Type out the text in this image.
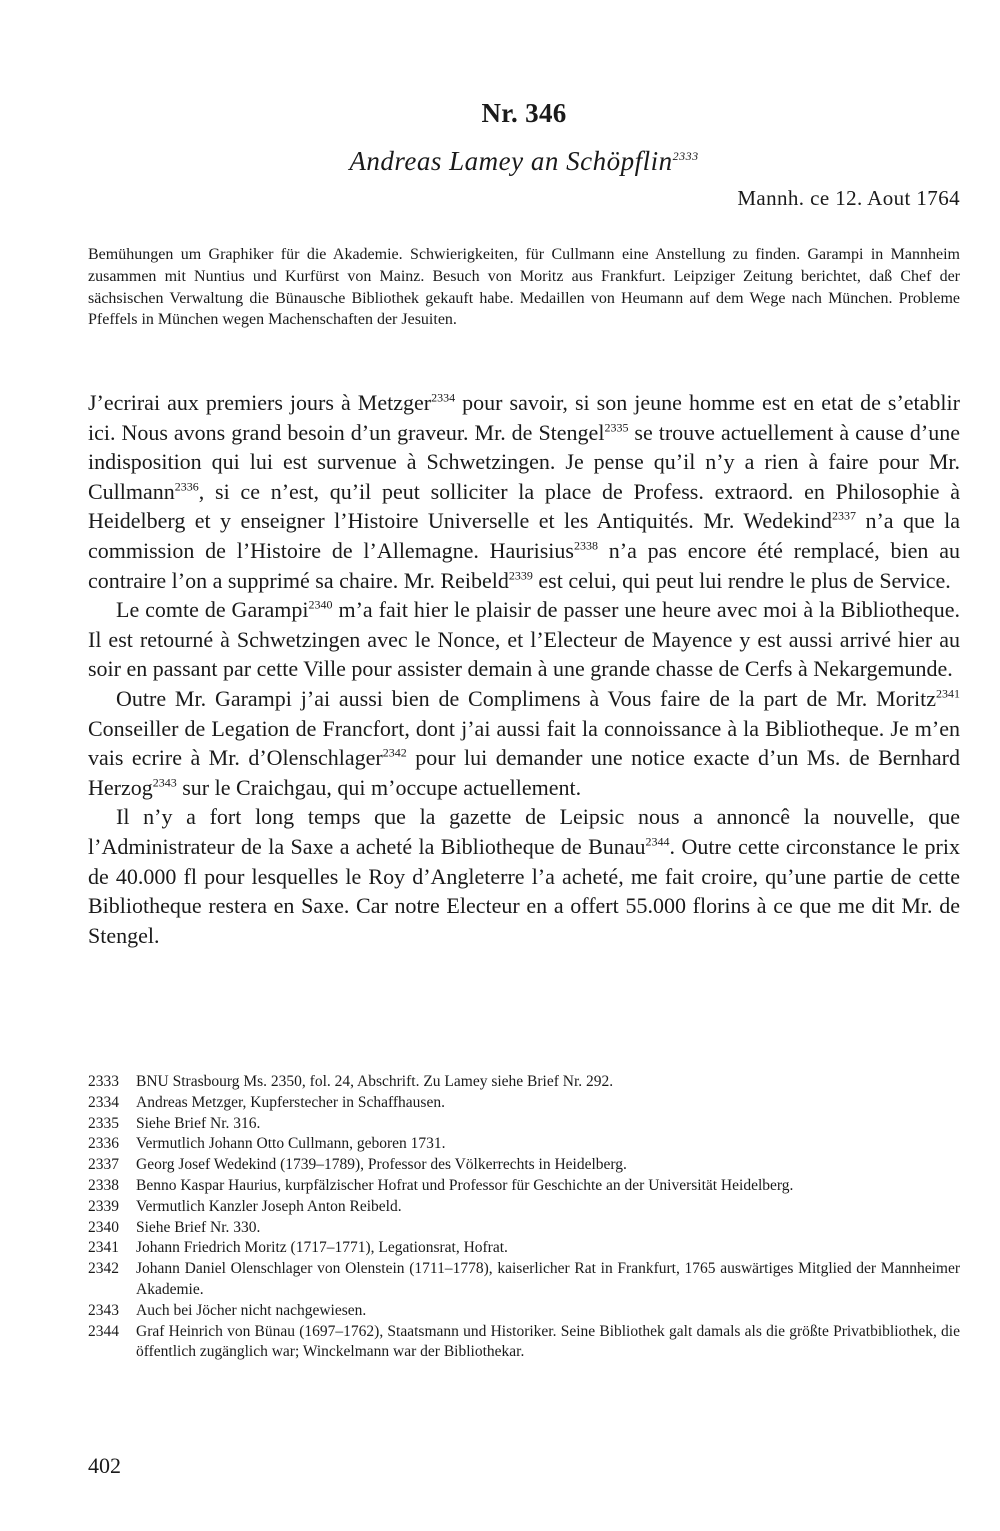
Nr. 346
Andreas Lamey an Schöpflin$^{2333}$
Mannh. ce 12. Aout 1764
Bemühungen um Graphiker für die Akademie. Schwierigkeiten, für Cullmann eine Anstellung zu finden. Garampi in Mannheim zusammen mit Nuntius und Kurfürst von Mainz. Besuch von Moritz aus Frankfurt. Leipziger Zeitung berichtet, daß Chef der sächsischen Verwaltung die Bünausche Bibliothek gekauft habe. Medaillen von Heumann auf dem Wege nach München. Probleme Pfeffels in München wegen Machenschaften der Jesuiten.

J’ecrirai aux premiers jours à Metzger$^{2334}$ pour savoir, si son jeune homme est en etat de s’etablir ici. Nous avons grand besoin d’un graveur. Mr. de Stengel$^{2335}$ se trouve actuellement à cause d’une indisposition qui lui est survenue à Schwetzingen. Je pense qu’il n’y a rien à faire pour Mr. Cullmann$^{2336}$, si ce n’est, qu’il peut solliciter la place de Profess. extraord. en Philosophie à Heidelberg et y enseigner l’Histoire Universelle et les Antiquités. Mr. Wedekind$^{2337}$ n’a que la commission de l’Histoire de l’Allemagne. Haurisius$^{2338}$ n’a pas encore été remplacé, bien au contraire l’on a supprimé sa chaire. Mr. Reibeld$^{2339}$ est celui, qui peut lui rendre le plus de Service.

Le comte de Garampi$^{2340}$ m’a fait hier le plaisir de passer une heure avec moi à la Bibliotheque. Il est retourné à Schwetzingen avec le Nonce, et l’Electeur de Mayence y est aussi arrivé hier au soir en passant par cette Ville pour assister demain à une grande chasse de Cerfs à Nekargemunde.

Outre Mr. Garampi j’ai aussi bien de Complimens à Vous faire de la part de Mr. Moritz$^{2341}$ Conseiller de Legation de Francfort, dont j’ai aussi fait la connoissance à la Bibliotheque. Je m’en vais ecrire à Mr. d’Olenschlager$^{2342}$ pour lui demander une notice exacte d’un Ms. de Bernhard Herzog$^{2343}$ sur le Craichgau, qui m’occupe actuellement.

Il n’y a fort long temps que la gazette de Leipsic nous a annoncê la nouvelle, que l’Administrateur de la Saxe a acheté la Bibliotheque de Bunau$^{2344}$. Outre cette circonstance le prix de 40.000 fl pour lesquelles le Roy d’Angleterre l’a acheté, me fait croire, qu’une partie de cette Bibliotheque restera en Saxe. Car notre Electeur en a offert 55.000 florins à ce que me dit Mr. de Stengel.

2333	BNU Strasbourg Ms. 2350, fol. 24, Abschrift. Zu Lamey siehe Brief Nr. 292.
2334	Andreas Metzger, Kupferstecher in Schaffhausen.
2335	Siehe Brief Nr. 316.
2336	Vermutlich Johann Otto Cullmann, geboren 1731.
2337	Georg Josef Wedekind (1739–1789), Professor des Völkerrechts in Heidelberg.
2338	Benno Kaspar Haurius, kurpfälzischer Hofrat und Professor für Geschichte an der Universität Heidelberg.
2339	Vermutlich Kanzler Joseph Anton Reibeld.
2340	Siehe Brief Nr. 330.
2341	Johann Friedrich Moritz (1717–1771), Legationsrat, Hofrat.
2342	Johann Daniel Olenschlager von Olenstein (1711–1778), kaiserlicher Rat in Frankfurt, 1765 auswärtiges Mitglied der Mannheimer Akademie.
2343	Auch bei Jöcher nicht nachgewiesen.
2344	Graf Heinrich von Bünau (1697–1762), Staatsmann und Historiker. Seine Bibliothek galt damals als die größte Privatbibliothek, die öffentlich zugänglich war; Winckelmann war der Bibliothekar.
402
